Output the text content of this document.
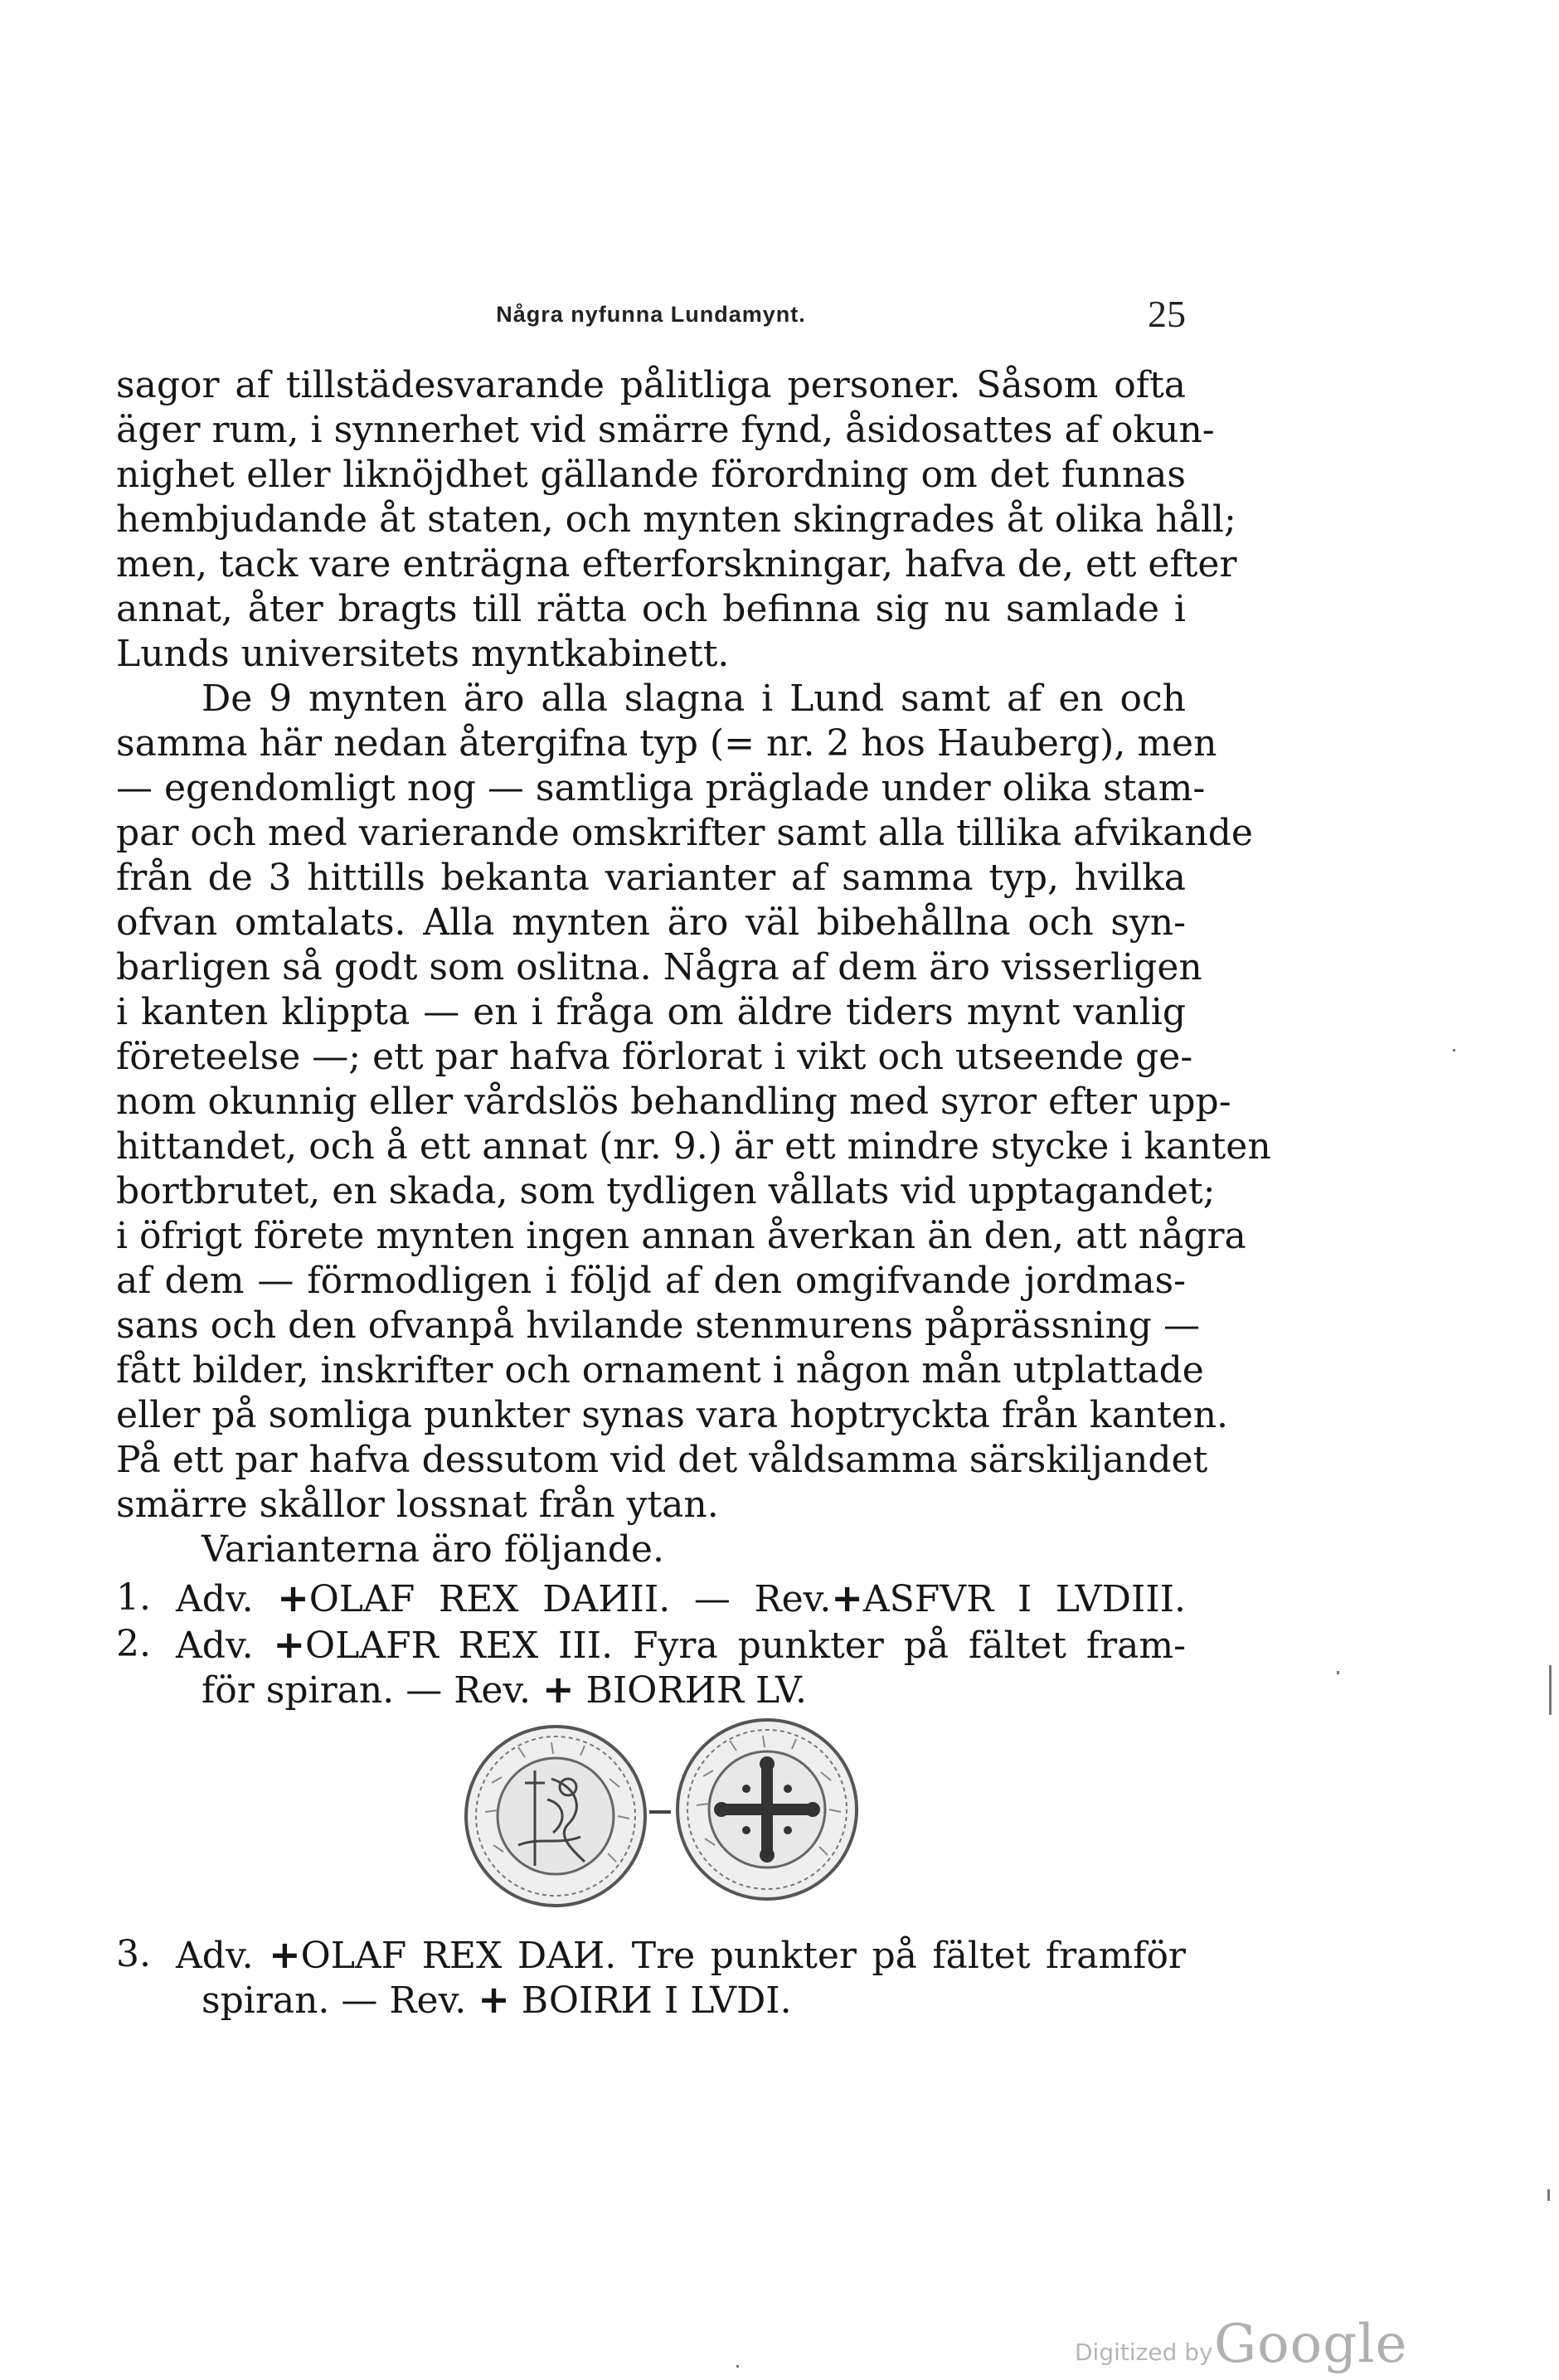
Några nyfunna Lundamynt.	25
sagor af tillstädesvarande pålitliga personer. Såsom ofta
äger rum, i synnerhet vid smärre fynd, åsidosattes af okun-
nighet eller liknöjdhet gällande förordning om det funnas
hembjudande åt staten, och mynten skingrades åt olika håll;
men, tack vare enträgna efterforskningar, hafva de, ett efter
annat, åter bragts till rätta och befinna sig nu samlade i
Lunds universitets myntkabinett.
De 9 mynten äro alla slagna i Lund samt af en och
samma här nedan återgifna typ (= nr. 2 hos Hauberg), men
— egendomligt nog — samtliga präglade under olika stam-
par och med varierande omskrifter samt alla tillika afvikande
från de 3 hittills bekanta varianter af samma typ, hvilka
ofvan omtalats. Alla mynten äro väl bibehållna och syn-
barligen så godt som oslitna. Några af dem äro visserligen
i kanten klippta — en i fråga om äldre tiders mynt vanlig
företeelse —; ett par hafva förlorat i vikt och utseende ge-
nom okunnig eller vårdslös behandling med syror efter upp-
hittandet, och å ett annat (nr. 9.) är ett mindre stycke i kanten
bortbrutet, en skada, som tydligen vållats vid upptagandet;
i öfrigt förete mynten ingen annan åverkan än den, att några
af dem — förmodligen i följd af den omgifvande jordmas-
sans och den ofvanpå hvilande stenmurens påprässning —
fått bilder, inskrifter och ornament i någon mån utplattade
eller på somliga punkter synas vara hoptryckta från kanten.
På ett par hafva dessutom vid det våldsamma särskiljandet
smärre skållor lossnat från ytan.
Varianterna äro följande.
1. Adv. +OLAF REX DAИII. — Rev.+ASFVR I LVDIII.
2. Adv. +OLAFR REX III. Fyra punkter på fältet fram-
för spiran. — Rev. + BIORИR LV.
3. Adv. +OLAF REX DAИ. Tre punkter på fältet framför
spiran. — Rev. + BOIRИ I LVDI.
Digitized by Google
